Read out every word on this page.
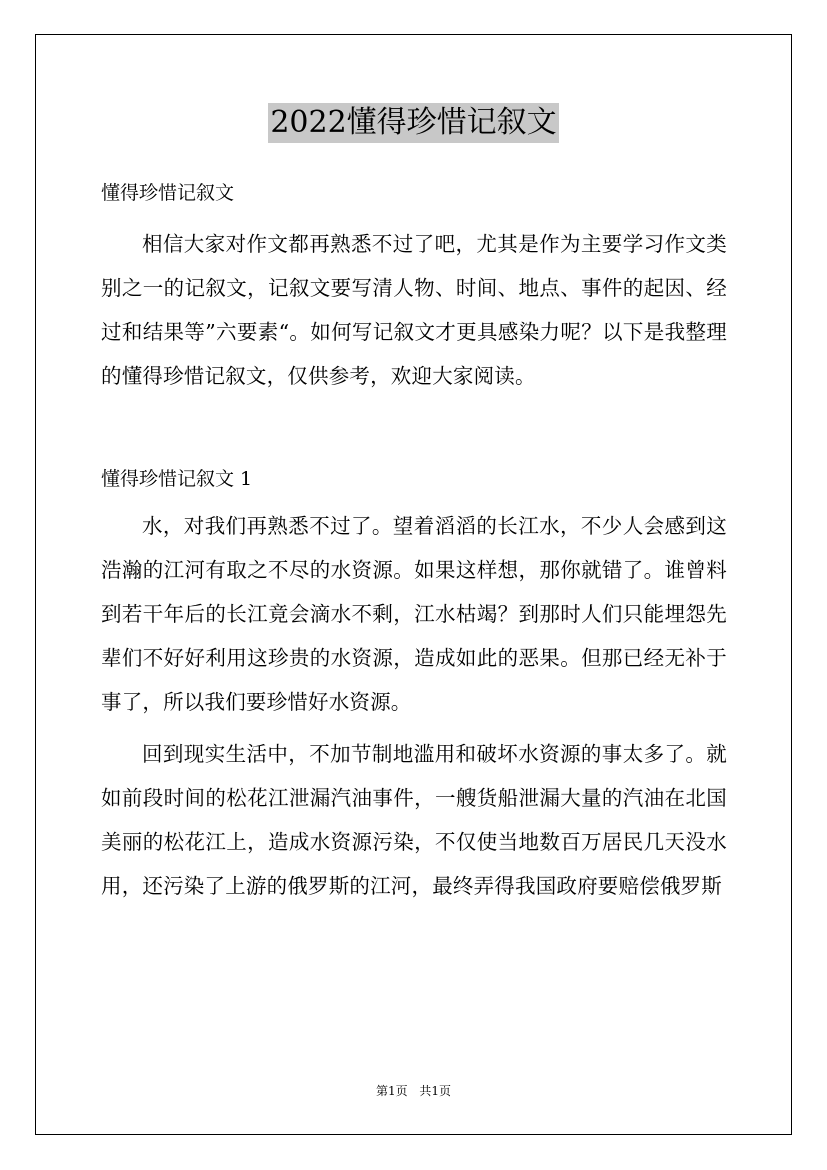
2022懂得珍惜记叙文

懂得珍惜记叙文

相信大家对作文都再熟悉不过了吧，尤其是作为主要学习作文类别之一的记叙文，记叙文要写清人物、时间、地点、事件的起因、经过和结果等”六要素“。如何写记叙文才更具感染力呢？以下是我整理的懂得珍惜记叙文，仅供参考，欢迎大家阅读。

懂得珍惜记叙文 1

水，对我们再熟悉不过了。望着滔滔的长江水，不少人会感到这浩瀚的江河有取之不尽的水资源。如果这样想，那你就错了。谁曾料到若干年后的长江竟会滴水不剩，江水枯竭？到那时人们只能埋怨先辈们不好好利用这珍贵的水资源，造成如此的恶果。但那已经无补于事了，所以我们要珍惜好水资源。

回到现实生活中，不加节制地滥用和破坏水资源的事太多了。就如前段时间的松花江泄漏汽油事件，一艘货船泄漏大量的汽油在北国美丽的松花江上，造成水资源污染，不仅使当地数百万居民几天没水用，还污染了上游的俄罗斯的江河，最终弄得我国政府要赔偿俄罗斯

第1页 共1页
